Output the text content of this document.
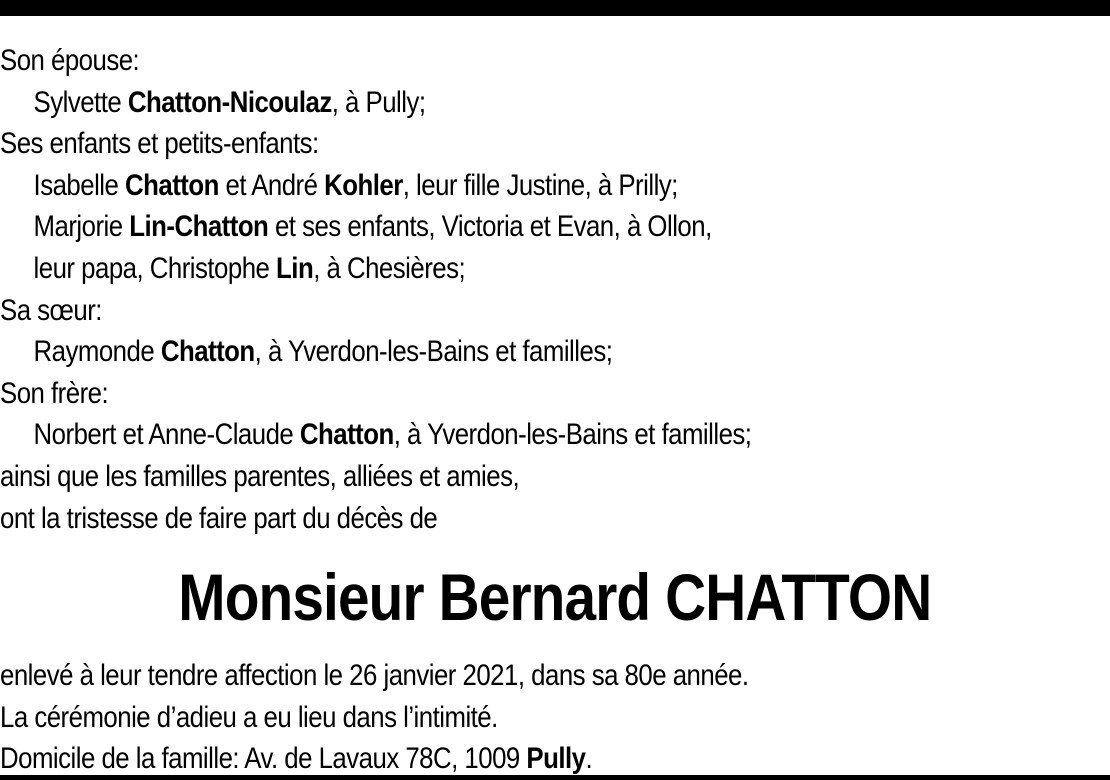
Son épouse:
Sylvette Chatton-Nicoulaz, à Pully;
Ses enfants et petits-enfants:
Isabelle Chatton et André Kohler, leur fille Justine, à Prilly;
Marjorie Lin-Chatton et ses enfants, Victoria et Evan, à Ollon,
leur papa, Christophe Lin, à Chesières;
Sa sœur:
Raymonde Chatton, à Yverdon-les-Bains et familles;
Son frère:
Norbert et Anne-Claude Chatton, à Yverdon-les-Bains et familles;
ainsi que les familles parentes, alliées et amies,
ont la tristesse de faire part du décès de
Monsieur Bernard CHATTON
enlevé à leur tendre affection le 26 janvier 2021, dans sa 80e année.
La cérémonie d’adieu a eu lieu dans l’intimité.
Domicile de la famille: Av. de Lavaux 78C, 1009 Pully.
